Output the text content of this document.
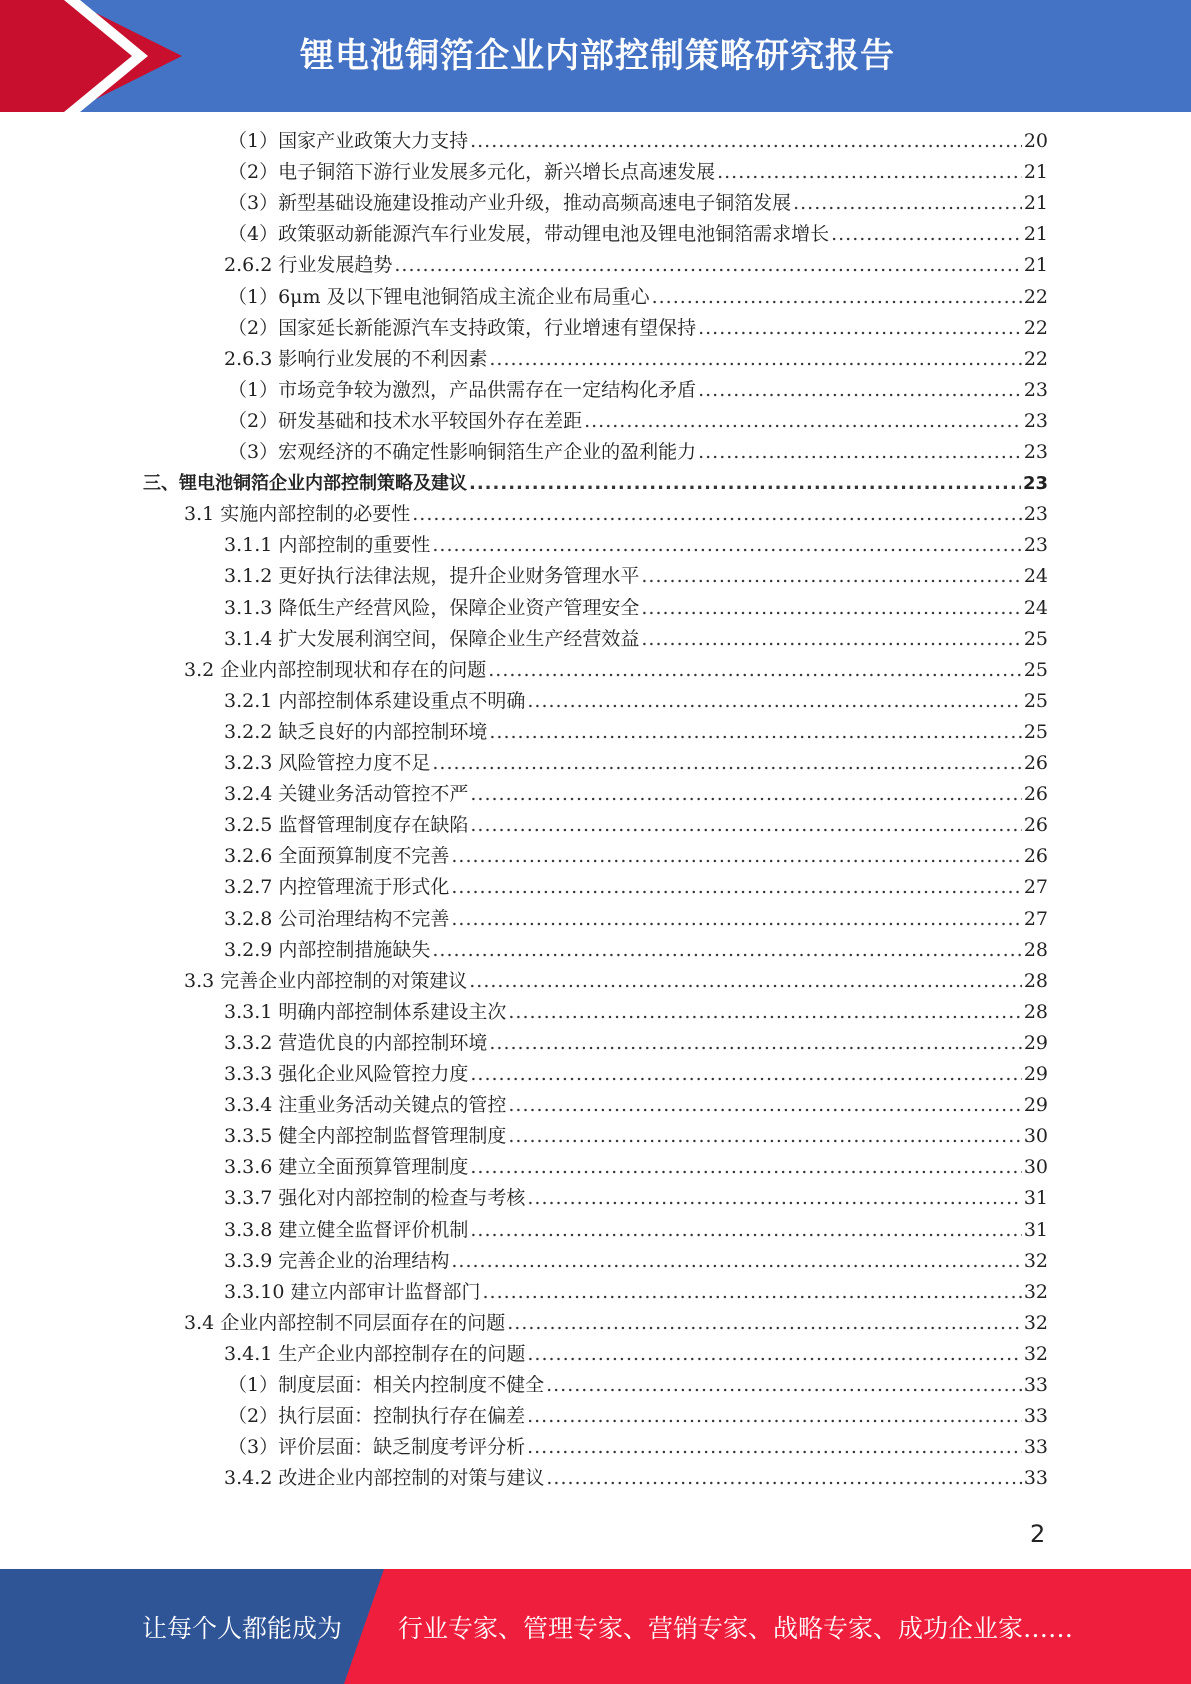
锂电池铜箔企业内部控制策略研究报告
（1）国家产业政策大力支持 .....	20
（2）电子铜箔下游行业发展多元化，新兴增长点高速发展 .....	21
（3）新型基础设施建设推动产业升级，推动高频高速电子铜箔发展 .....	21
（4）政策驱动新能源汽车行业发展，带动锂电池及锂电池铜箔需求增长 .....	21
2.6.2 行业发展趋势 .....	21
（1）6μm 及以下锂电池铜箔成主流企业布局重心 .....	22
（2）国家延长新能源汽车支持政策，行业增速有望保持 .....	22
2.6.3 影响行业发展的不利因素 .....	22
（1）市场竞争较为激烈，产品供需存在一定结构化矛盾 .....	23
（2）研发基础和技术水平较国外存在差距 .....	23
（3）宏观经济的不确定性影响铜箔生产企业的盈利能力 .....	23
三、锂电池铜箔企业内部控制策略及建议 .....	23
3.1 实施内部控制的必要性 .....	23
3.1.1 内部控制的重要性 .....	23
3.1.2 更好执行法律法规，提升企业财务管理水平 .....	24
3.1.3 降低生产经营风险，保障企业资产管理安全 .....	24
3.1.4 扩大发展利润空间，保障企业生产经营效益 .....	25
3.2 企业内部控制现状和存在的问题 .....	25
3.2.1 内部控制体系建设重点不明确 .....	25
3.2.2 缺乏良好的内部控制环境 .....	25
3.2.3 风险管控力度不足 .....	26
3.2.4 关键业务活动管控不严 .....	26
3.2.5 监督管理制度存在缺陷 .....	26
3.2.6 全面预算制度不完善 .....	26
3.2.7 内控管理流于形式化 .....	27
3.2.8 公司治理结构不完善 .....	27
3.2.9 内部控制措施缺失 .....	28
3.3 完善企业内部控制的对策建议 .....	28
3.3.1 明确内部控制体系建设主次 .....	28
3.3.2 营造优良的内部控制环境 .....	29
3.3.3 强化企业风险管控力度 .....	29
3.3.4 注重业务活动关键点的管控 .....	29
3.3.5 健全内部控制监督管理制度 .....	30
3.3.6 建立全面预算管理制度 .....	30
3.3.7 强化对内部控制的检查与考核 .....	31
3.3.8 建立健全监督评价机制 .....	31
3.3.9 完善企业的治理结构 .....	32
3.3.10 建立内部审计监督部门 .....	32
3.4 企业内部控制不同层面存在的问题 .....	32
3.4.1 生产企业内部控制存在的问题 .....	32
（1）制度层面：相关内控制度不健全 .....	33
（2）执行层面：控制执行存在偏差 .....	33
（3）评价层面：缺乏制度考评分析 .....	33
3.4.2 改进企业内部控制的对策与建议 .....	33
2
让每个人都能成为 行业专家、管理专家、营销专家、战略专家、成功企业家……
